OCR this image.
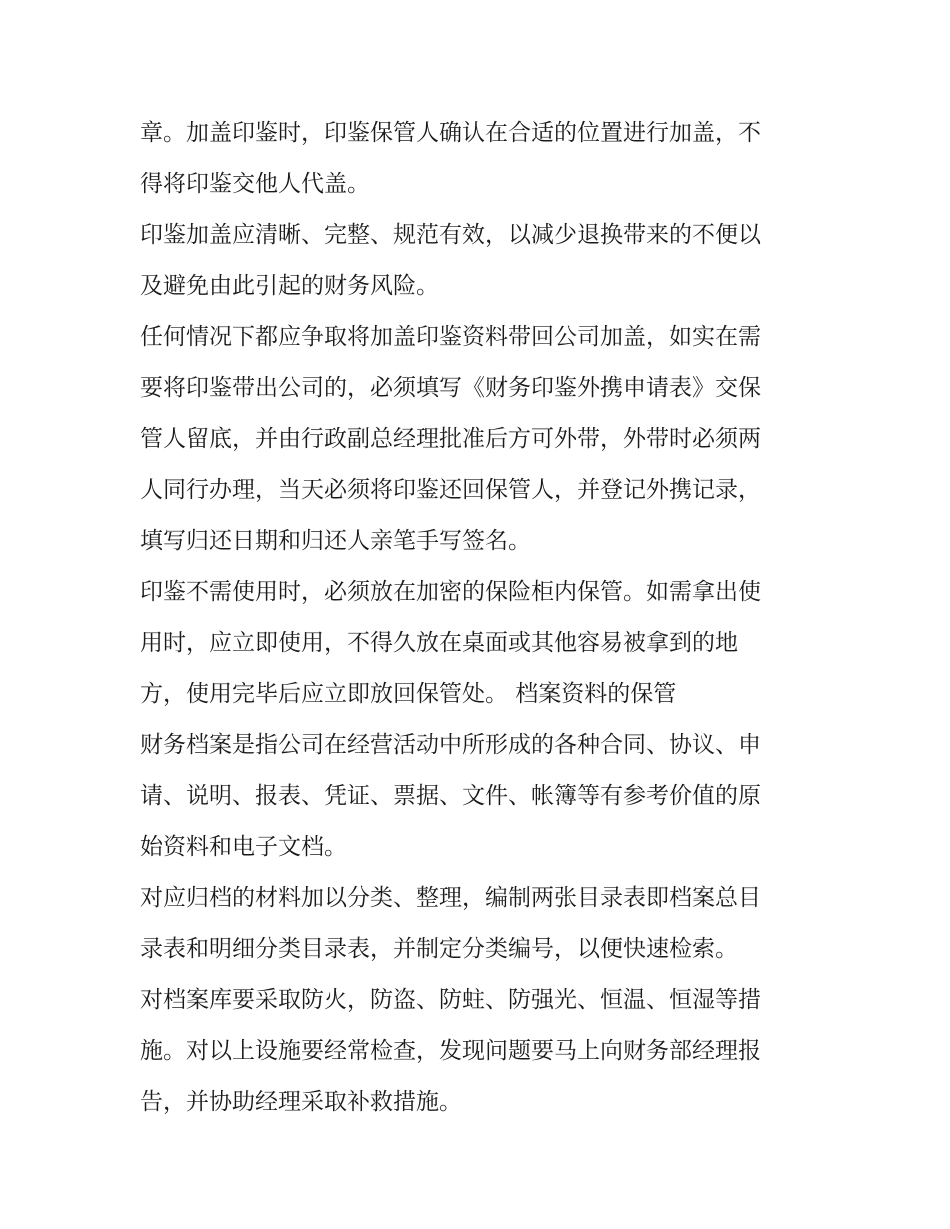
章。加盖印鉴时，印鉴保管人确认在合适的位置进行加盖，不
得将印鉴交他人代盖。

印鉴加盖应清晰、完整、规范有效，以减少退换带来的不便以
及避免由此引起的财务风险。

任何情况下都应争取将加盖印鉴资料带回公司加盖，如实在需
要将印鉴带出公司的，必须填写《财务印鉴外携申请表》交保
管人留底，并由行政副总经理批准后方可外带，外带时必须两
人同行办理，当天必须将印鉴还回保管人，并登记外携记录，
填写归还日期和归还人亲笔手写签名。

印鉴不需使用时，必须放在加密的保险柜内保管。如需拿出使
用时，应立即使用，不得久放在桌面或其他容易被拿到的地
方，使用完毕后应立即放回保管处。 档案资料的保管

财务档案是指公司在经营活动中所形成的各种合同、协议、申
请、说明、报表、凭证、票据、文件、帐簿等有参考价值的原
始资料和电子文档。

对应归档的材料加以分类、整理，编制两张目录表即档案总目
录表和明细分类目录表，并制定分类编号，以便快速检索。

对档案库要采取防火，防盗、防蛀、防强光、恒温、恒湿等措
施。对以上设施要经常检查，发现问题要马上向财务部经理报
告，并协助经理采取补救措施。
